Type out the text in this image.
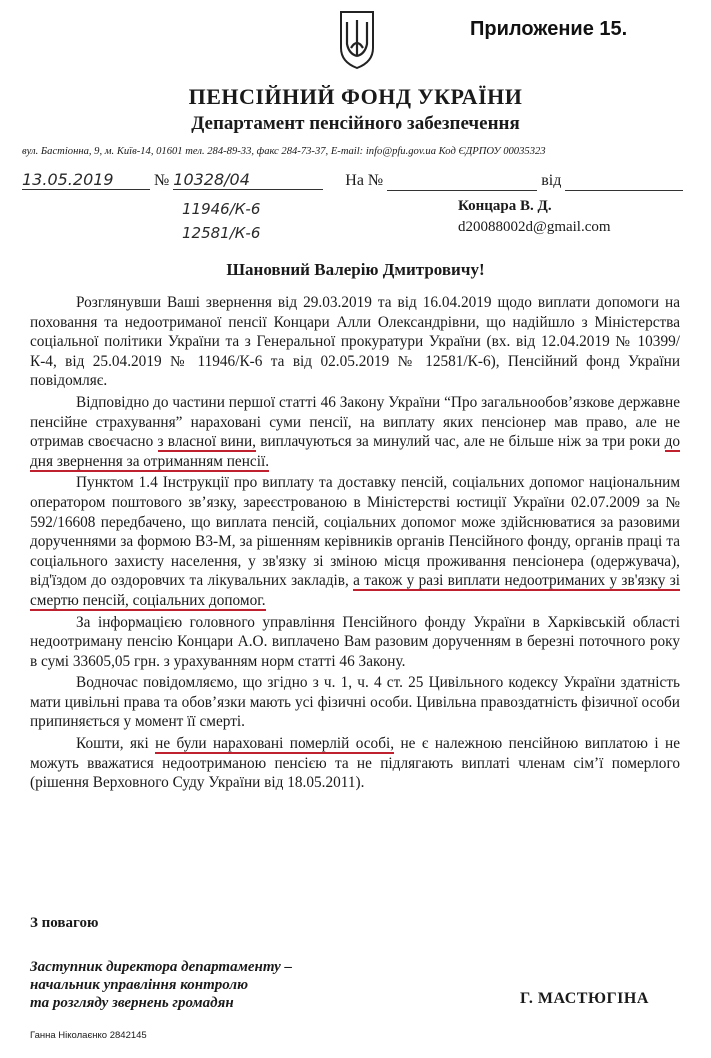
Приложение 15.
ПЕНСІЙНИЙ ФОНД УКРАЇНИ
Департамент пенсійного забезпечення
вул. Бастіонна, 9, м. Київ-14, 01601 тел. 284-89-33, факс 284-73-37, E-mail: info@pfu.gov.ua Код ЄДРПОУ 00035323
13.05.2019	№ 10328/04	На №	від
11946/К-6
12581/К-6
Концара В. Д.
d20088002d@gmail.com
Шановний Валерію Дмитровичу!

Розглянувши Ваші звернення від 29.03.2019 та від 16.04.2019 щодо виплати допомоги на поховання та недоотриманої пенсії Концари Алли Олександрівни, що надійшло з Міністерства соціальної політики України та з Генеральної прокуратури України (вх. від 12.04.2019 № 10399/К-4, від 25.04.2019 № 11946/К-6 та від 02.05.2019 № 12581/К-6), Пенсійний фонд України повідомляє.

Відповідно до частини першої статті 46 Закону України “Про загальнообов’язкове державне пенсійне страхування” нараховані суми пенсії, на виплату яких пенсіонер мав право, але не отримав своєчасно з власної вини, виплачуються за минулий час, але не більше ніж за три роки до дня звернення за отриманням пенсії.

Пунктом 1.4 Інструкції про виплату та доставку пенсій, соціальних допомог національним оператором поштового зв’язку, зареєстрованою в Міністерстві юстиції України 02.07.2009 за № 592/16608 передбачено, що виплата пенсій, соціальних допомог може здійснюватися за разовими дорученнями за формою В3-М, за рішенням керівників органів Пенсійного фонду, органів праці та соціального захисту населення, у зв'язку зі зміною місця проживання пенсіонера (одержувача), від'їздом до оздоровчих та лікувальних закладів, а також у разі виплати недоотриманих у зв'язку зі смертю пенсій, соціальних допомог.

За інформацією головного управління Пенсійного фонду України в Харківській області недоотриману пенсію Концари А.О. виплачено Вам разовим дорученням в березні поточного року в сумі 33605,05 грн. з урахуванням норм статті 46 Закону.

Водночас повідомляємо, що згідно з ч. 1, ч. 4 ст. 25 Цивільного кодексу України здатність мати цивільні права та обов’язки мають усі фізичні особи. Цивільна правоздатність фізичної особи припиняється у момент її смерті.

Кошти, які не були нараховані померлій особі, не є належною пенсійною виплатою і не можуть вважатися недоотриманою пенсією та не підлягають виплаті членам сім’ї померлого (рішення Верховного Суду України від 18.05.2011).

З повагою
Заступник директора департаменту –
начальник управління контролю
та розгляду звернень громадян	Г. МАСТЮГІНА
Ганна Ніколаєнко 2842145
